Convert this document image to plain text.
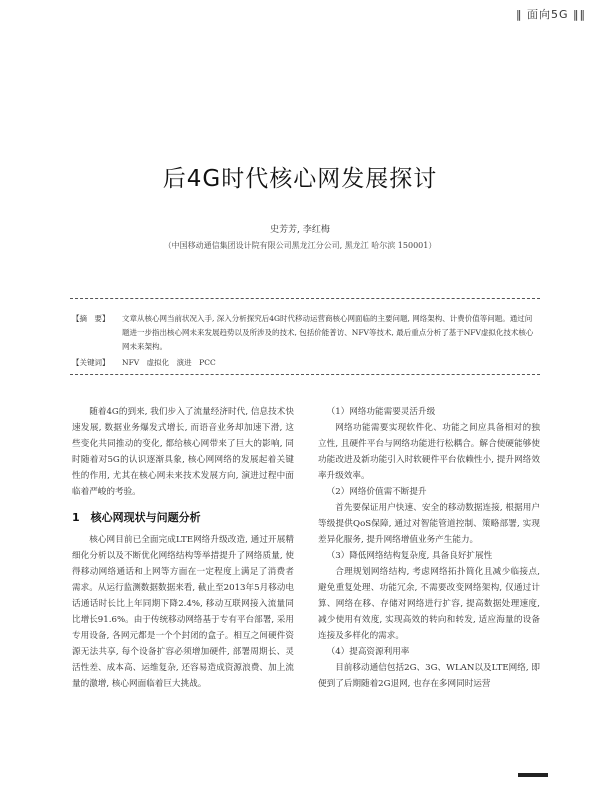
‖ 面向5G ‖‖
后4G时代核心网发展探讨
史芳芳, 李红梅
（中国移动通信集团设计院有限公司黑龙江分公司, 黑龙江 哈尔滨 150001）
【摘　要】	文章从核心网当前状况入手, 深入分析探究后4G时代移动运营商核心网面临的主要问题, 网络架构、计费价值等问题。通过问题进一步指出核心网未来发展趋势以及所涉及的技术, 包括价能普访、NFV等技术, 最后重点分析了基于NFV虚拟化技术核心网未来架构。
【关键词】	NFV　虚拟化　演进　PCC

随着4G的到来, 我们步入了流量经济时代, 信息技术快速发展, 数据业务爆发式增长, 而语音业务却加速下滑, 这些变化共同推动的变化, 都给核心网带来了巨大的影响, 同时随着对5G的认识逐渐具象, 核心网网络的发展起着关键性的作用, 尤其在核心网未来技术发展方向, 演进过程中面临着严峻的考验。

1　核心网现状与问题分析

核心网目前已全面完成LTE网络升级改造, 通过开展精细化分析以及不断优化网络结构等举措提升了网络质量, 使得移动网络通话和上网等方面在一定程度上满足了消费者需求。从运行监测数据数据来看, 截止至2013年5月移动电话通话时长比上年同期下降2.4%, 移动互联网接入流量同比增长91.6%。由于传统移动网络基于专有平台部署, 采用专用设备, 各网元都是一个个封闭的盒子。相互之间硬件资源无法共享, 每个设备扩容必须增加硬件, 部署周期长、灵活性差、成本高、运维复杂, 还容易造成资源浪费、加上流量的激增, 核心网面临着巨大挑战。

（1）网络功能需要灵活升级

网络功能需要实现软件化、功能之间应具备相对的独立性, 且硬件平台与网络功能进行松耦合。解合使硬能够使功能改进及新功能引入时软硬件平台依赖性小, 提升网络效率升级效率。

（2）网络价值需不断提升

首先要保证用户快速、安全的移动数据连接, 根据用户等级提供QoS保障, 通过对智能管道控制、策略部署, 实现差异化服务, 提升网络增值业务产生能力。

（3）降低网络结构复杂度, 具备良好扩展性

合理规划网络结构, 考虑网络拓扑简化且减少临接点, 避免重复处理、功能冗余, 不需要改变网络架构, 仅通过计算、网络在移、存储对网络进行扩容, 提高数据处理速度, 减少使用有效度, 实现高效的转向和转发, 适应海量的设备连接及多样化的需求。

（4）提高资源利用率

目前移动通信包括2G、3G、WLAN以及LTE网络, 即便到了后期随着2G退网, 也存在多网同时运营
